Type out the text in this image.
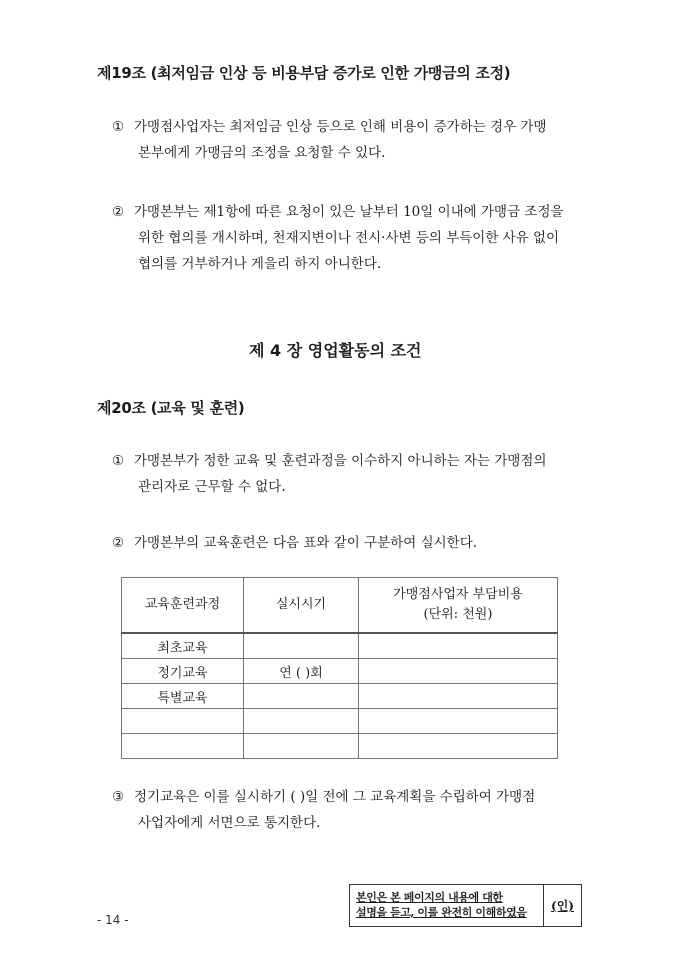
제19조 (최저임금 인상 등 비용부담 증가로 인한 가맹금의 조정)
① 가맹점사업자는 최저임금 인상 등으로 인해 비용이 증가하는 경우 가맹
본부에게 가맹금의 조정을 요청할 수 있다.
② 가맹본부는 제1항에 따른 요청이 있은 날부터 10일 이내에 가맹금 조정을
위한 협의를 개시하며, 천재지변이나 전시·사변 등의 부득이한 사유 없이
협의를 거부하거나 게을리 하지 아니한다.
제 4 장 영업활동의 조건
제20조 (교육 및 훈련)
① 가맹본부가 정한 교육 및 훈련과정을 이수하지 아니하는 자는 가맹점의
관리자로 근무할 수 없다.
② 가맹본부의 교육훈련은 다음 표와 같이 구분하여 실시한다.
교육훈련과정	실시시기	가맹점사업자 부담비용
(단위: 천원)

최초교육		
정기교육	연 ( )회	
특별교육		

③ 정기교육은 이를 실시하기 ( )일 전에 그 교육계획을 수립하여 가맹점
사업자에게 서면으로 통지한다.
- 14 -
본인은 본 페이지의 내용에 대한
설명을 듣고, 이를 완전히 이해하였음	(인)
